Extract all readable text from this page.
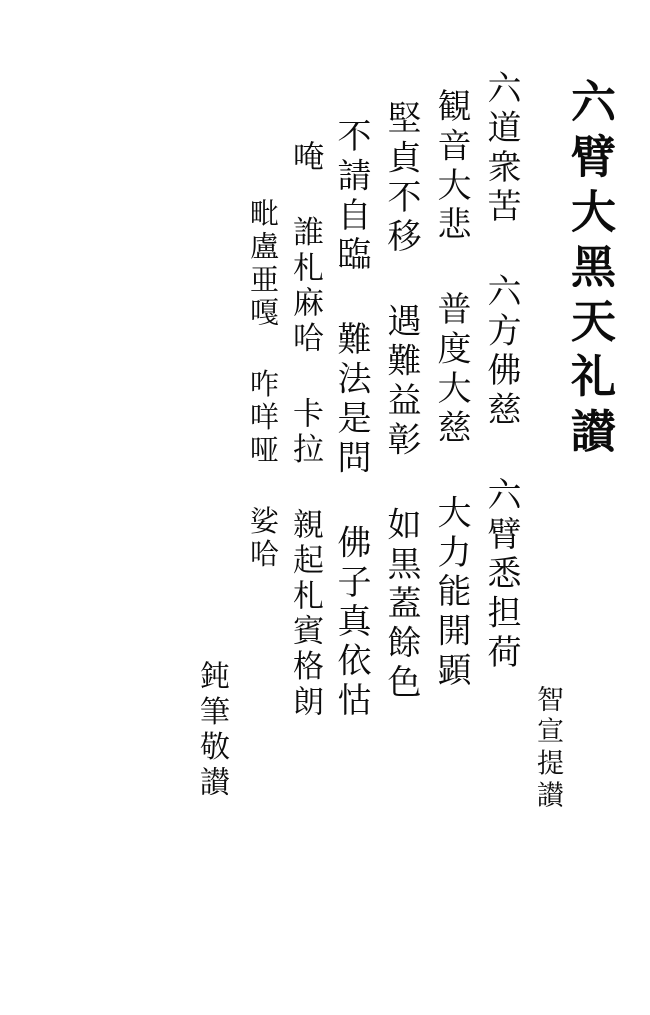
六臂大黑天礼讃
智宣提讃
六道衆苦 六方佛慈 六臂悉担荷
観音大悲 普度大慈 大力能開顕
堅貞不移 遇難益彰 如黒蓋餘色
不請自臨 難法是問 佛子真依怙
唵 誰札麻哈 卡拉 親起札賓格朗
毗盧亜嘎 咋咩哑 娑哈
鈍筆敬讃
